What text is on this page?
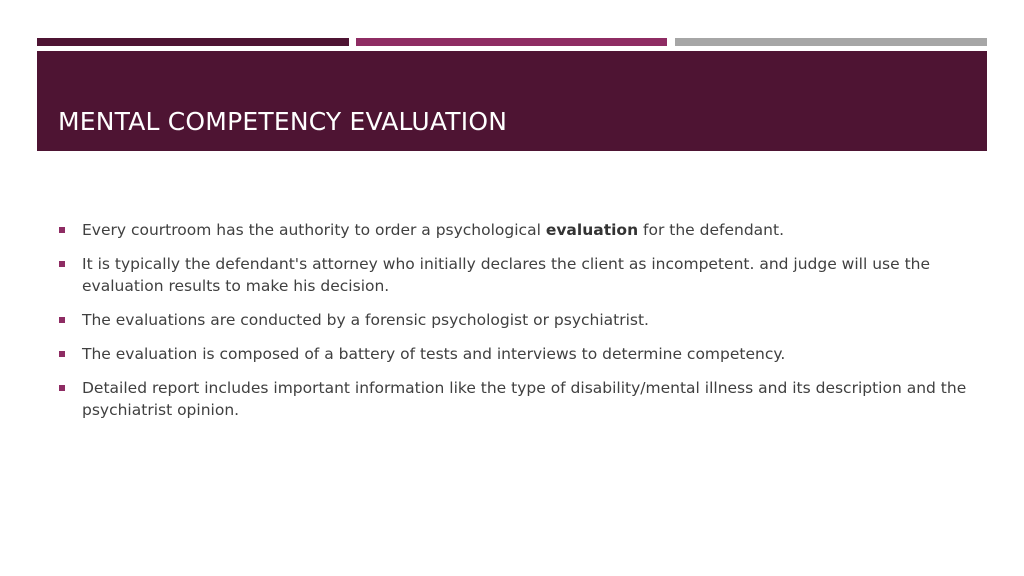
MENTAL COMPETENCY EVALUATION
Every courtroom has the authority to order a psychological evaluation for the defendant.
It is typically the defendant's attorney who initially declares the client as incompetent. and judge will use the evaluation results to make his decision.
The evaluations are conducted by a forensic psychologist or psychiatrist.
The evaluation is composed of a battery of tests and interviews to determine competency.
Detailed report includes important information like the type of disability/mental illness and its description and the psychiatrist opinion.
